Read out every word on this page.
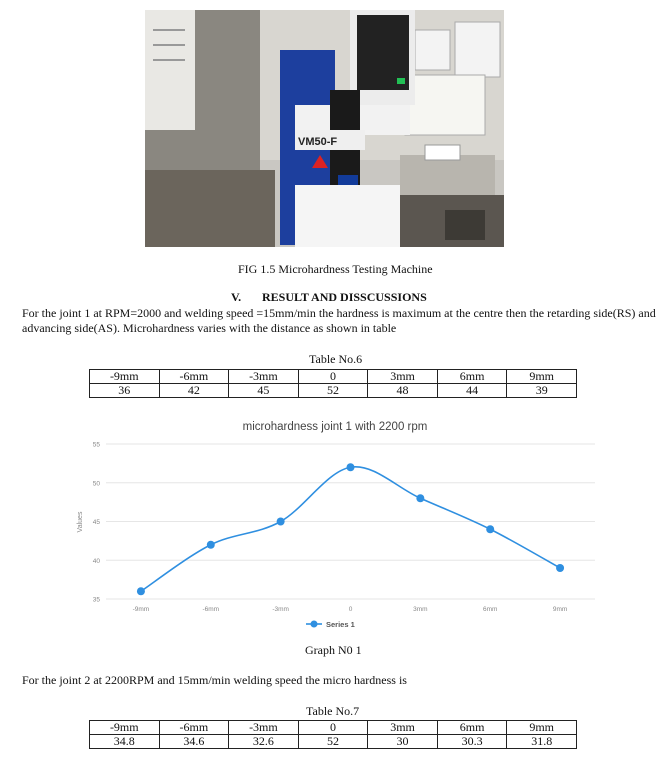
VM50-F
FIG 1.5 Microhardness Testing Machine
V. RESULT AND DISSCUSSIONS
For the joint 1 at RPM=2000 and welding speed =15mm/min the hardness is maximum at the centre then the retarding side(RS) and advancing side(AS). Microhardness varies with the distance as shown in table
Table No.6
-9mm	-6mm	-3mm	0	3mm	6mm	9mm
36	42	45	52	48	44	39
microhardness joint 1 with 2200 rpm
Values
35
40
45
50
55
-9mm	-6mm	-3mm	0	3mm	6mm	9mm
Series 1
Graph N0 1
For the joint 2 at 2200RPM and 15mm/min welding speed the micro hardness is
Table No.7
-9mm	-6mm	-3mm	0	3mm	6mm	9mm
34.8	34.6	32.6	52	30	30.3	31.8
